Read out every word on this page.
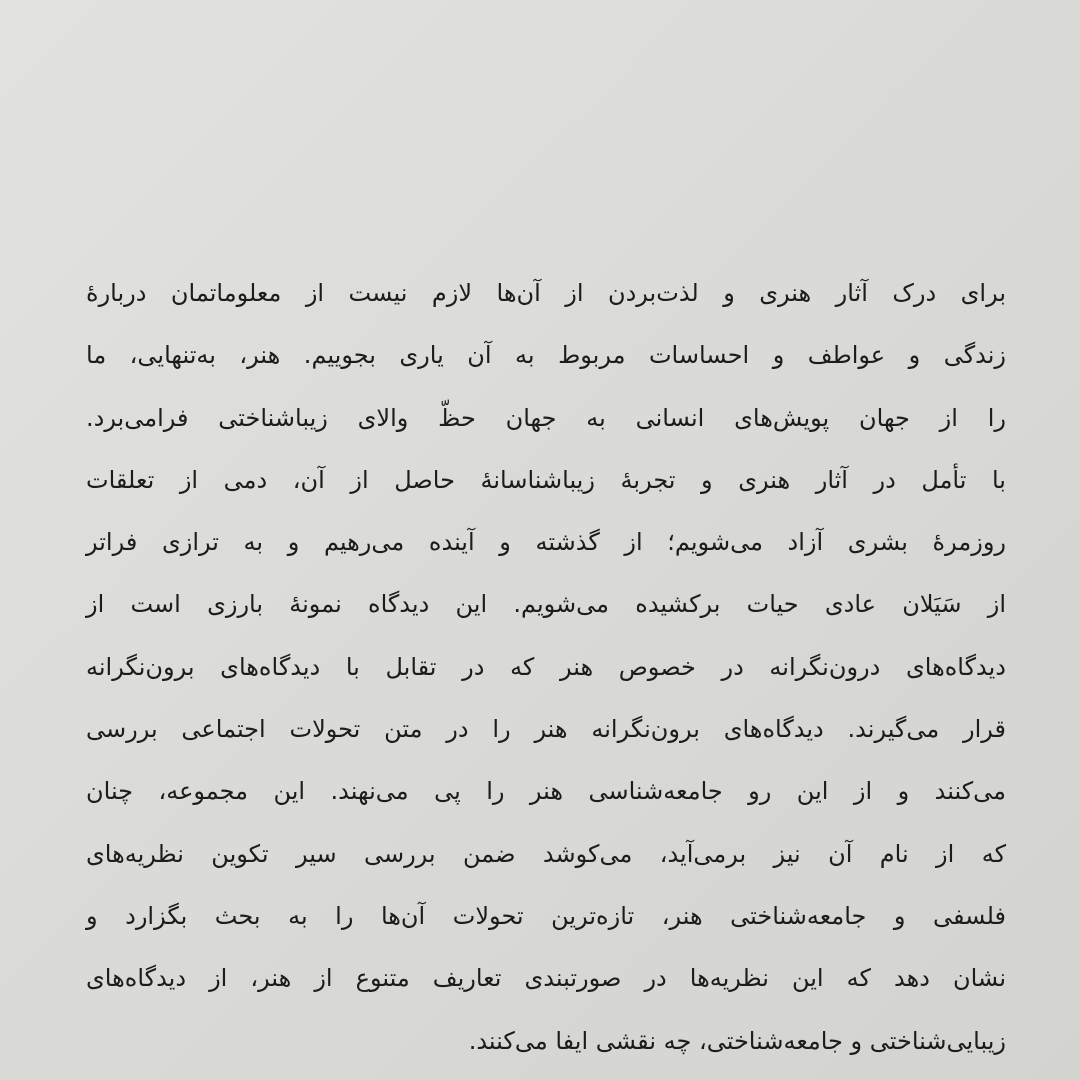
برای درک آثار هنری و لذت‌بردن از آن‌ها لازم نیست از معلوماتمان دربارۀ
زندگی و عواطف و احساسات مربوط به آن یاری بجوییم. هنر، به‌تنهایی، ما
را از جهان پویش‌های انسانی به جهان حظّ والای زیباشناختی فرامی‌برد.
با تأمل در آثار هنری و تجربۀ زیباشناسانۀ حاصل از آن، دمی از تعلقات
روزمرۀ بشری آزاد می‌شویم؛ از گذشته و آینده می‌رهیم و به ترازی فراتر
از سَیَلان عادی حیات برکشیده می‌شویم. این دیدگاه نمونۀ بارزی است از
دیدگاه‌های درون‌نگرانه در خصوص هنر که در تقابل با دیدگاه‌های برون‌نگرانه
قرار می‌گیرند. دیدگاه‌های برون‌نگرانه هنر را در متن تحولات اجتماعی بررسی
می‌کنند و از این رو جامعه‌شناسی هنر را پی می‌نهند. این مجموعه، چنان
که از نام آن نیز برمی‌آید، می‌کوشد ضمن بررسی سیر تکوین نظریه‌های
فلسفی و جامعه‌شناختی هنر، تازه‌ترین تحولات آن‌ها را به بحث بگزارد و
نشان دهد که این نظریه‌ها در صورتبندی تعاریف متنوع از هنر، از دیدگاه‌های
زیبایی‌شناختی و جامعه‌شناختی، چه نقشی ایفا می‌کنند.
